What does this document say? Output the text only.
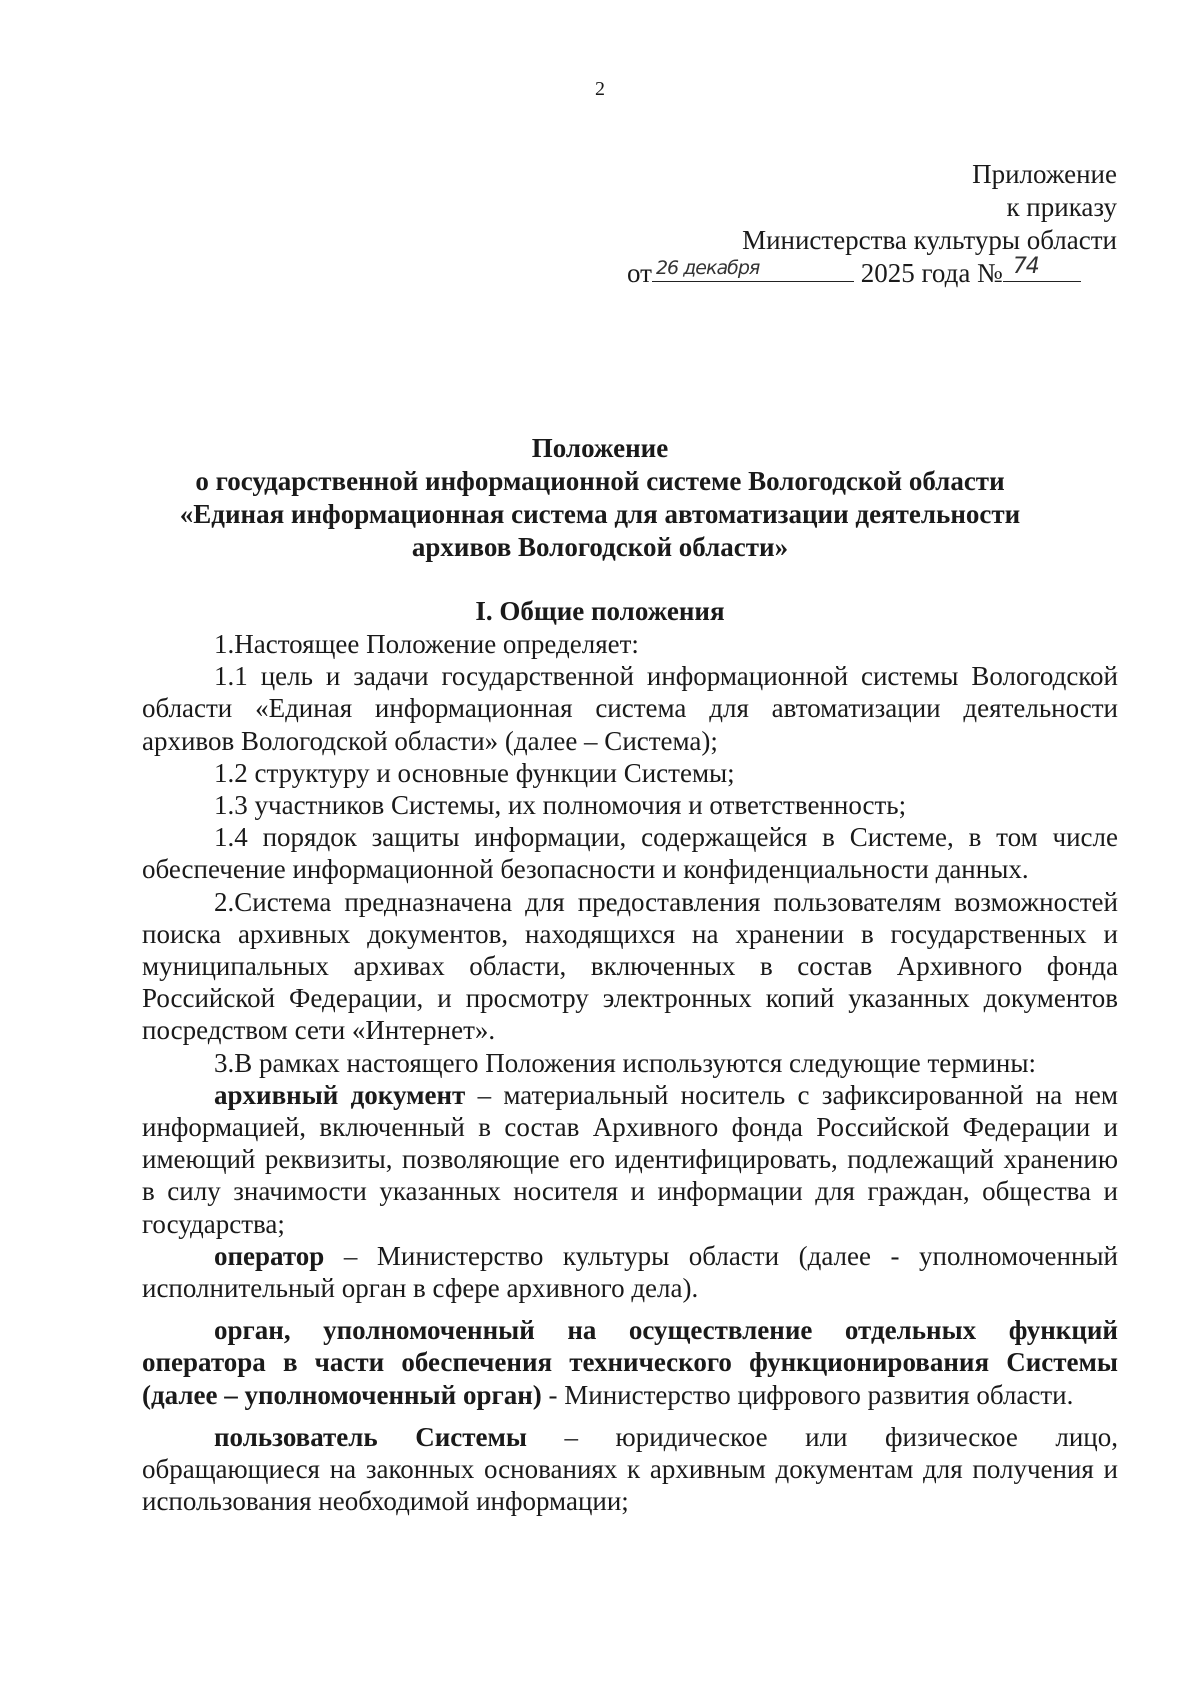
2
Приложение
к приказу
Министерства культуры области
от 26 декабря	2025 года № 74
Положение
о государственной информационной системе Вологодской области
«Единая информационная система для автоматизации деятельности
архивов Вологодской области»
I. Общие положения

1.Настоящее Положение определяет:

1.1 цель и задачи государственной информационной системы Вологодской области «Единая информационная система для автоматизации деятельности архивов Вологодской области» (далее – Система);

1.2 структуру и основные функции Системы;

1.3 участников Системы, их полномочия и ответственность;

1.4 порядок защиты информации, содержащейся в Системе, в том числе обеспечение информационной безопасности и конфиденциальности данных.

2.Система предназначена для предоставления пользователям возможностей поиска архивных документов, находящихся на хранении в государственных и муниципальных архивах области, включенных в состав Архивного фонда Российской Федерации, и просмотру электронных копий указанных документов посредством сети «Интернет».

3.В рамках настоящего Положения используются следующие термины:

архивный документ – материальный носитель с зафиксированной на нем информацией, включенный в состав Архивного фонда Российской Федерации и имеющий реквизиты, позволяющие его идентифицировать, подлежащий хранению в силу значимости указанных носителя и информации для граждан, общества и государства;

оператор – Министерство культуры области (далее - уполномоченный исполнительный орган в сфере архивного дела).

орган, уполномоченный на осуществление отдельных функций оператора в части обеспечения технического функционирования Системы (далее – уполномоченный орган) - Министерство цифрового развития области.

пользователь Системы – юридическое или физическое лицо, обращающиеся на законных основаниях к архивным документам для получения и использования необходимой информации;
